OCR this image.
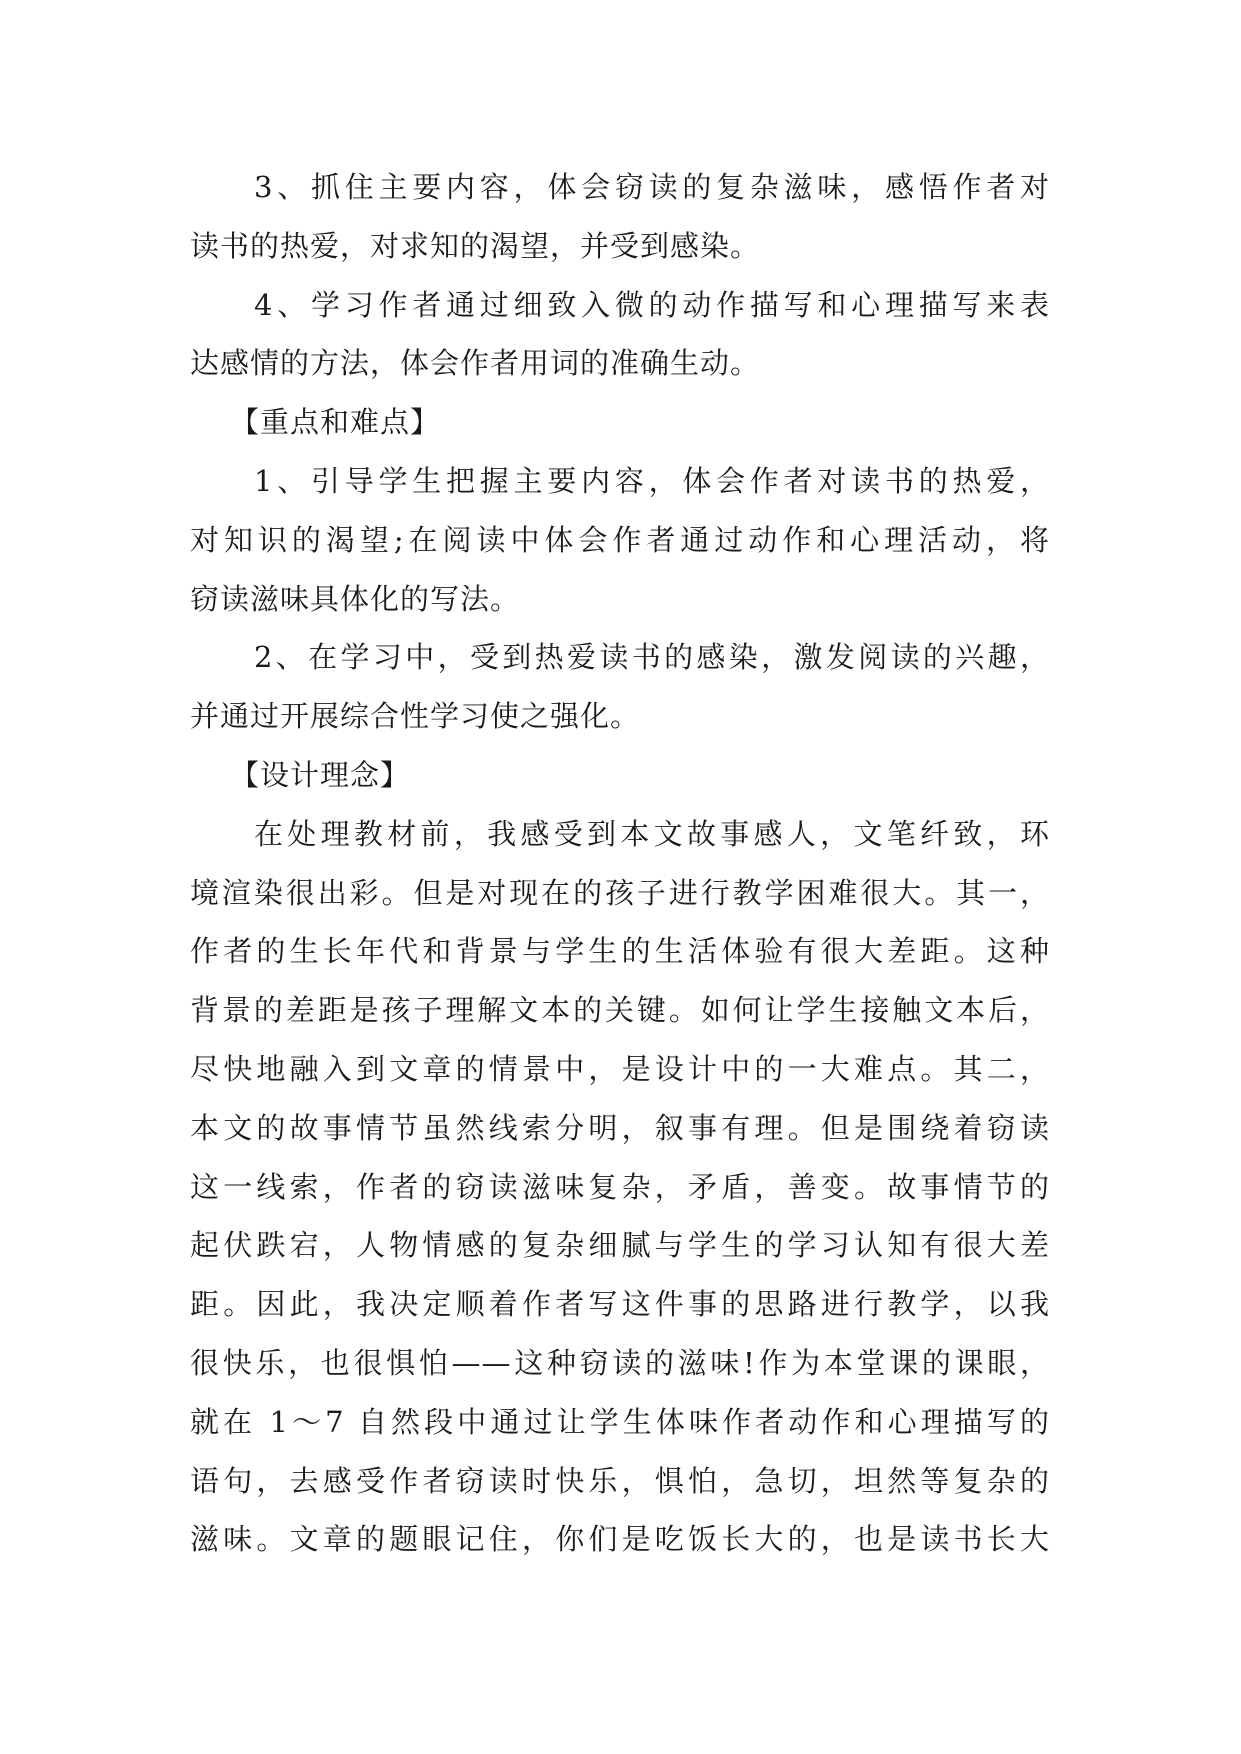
3、抓住主要内容，体会窃读的复杂滋味，感悟作者对
读书的热爱，对求知的渴望，并受到感染。
4、学习作者通过细致入微的动作描写和心理描写来表
达感情的方法，体会作者用词的准确生动。
【重点和难点】
1、引导学生把握主要内容，体会作者对读书的热爱，
对知识的渴望;在阅读中体会作者通过动作和心理活动，将
窃读滋味具体化的写法。
2、在学习中，受到热爱读书的感染，激发阅读的兴趣，
并通过开展综合性学习使之强化。
【设计理念】
在处理教材前，我感受到本文故事感人，文笔纤致，环
境渲染很出彩。但是对现在的孩子进行教学困难很大。其一，
作者的生长年代和背景与学生的生活体验有很大差距。这种
背景的差距是孩子理解文本的关键。如何让学生接触文本后，
尽快地融入到文章的情景中，是设计中的一大难点。其二，
本文的故事情节虽然线索分明，叙事有理。但是围绕着窃读
这一线索，作者的窃读滋味复杂，矛盾，善变。故事情节的
起伏跌宕，人物情感的复杂细腻与学生的学习认知有很大差
距。因此，我决定顺着作者写这件事的思路进行教学，以我
很快乐，也很惧怕——这种窃读的滋味!作为本堂课的课眼，
就在 1～7 自然段中通过让学生体味作者动作和心理描写的
语句，去感受作者窃读时快乐，惧怕，急切，坦然等复杂的
滋味。文章的题眼记住，你们是吃饭长大的，也是读书长大
